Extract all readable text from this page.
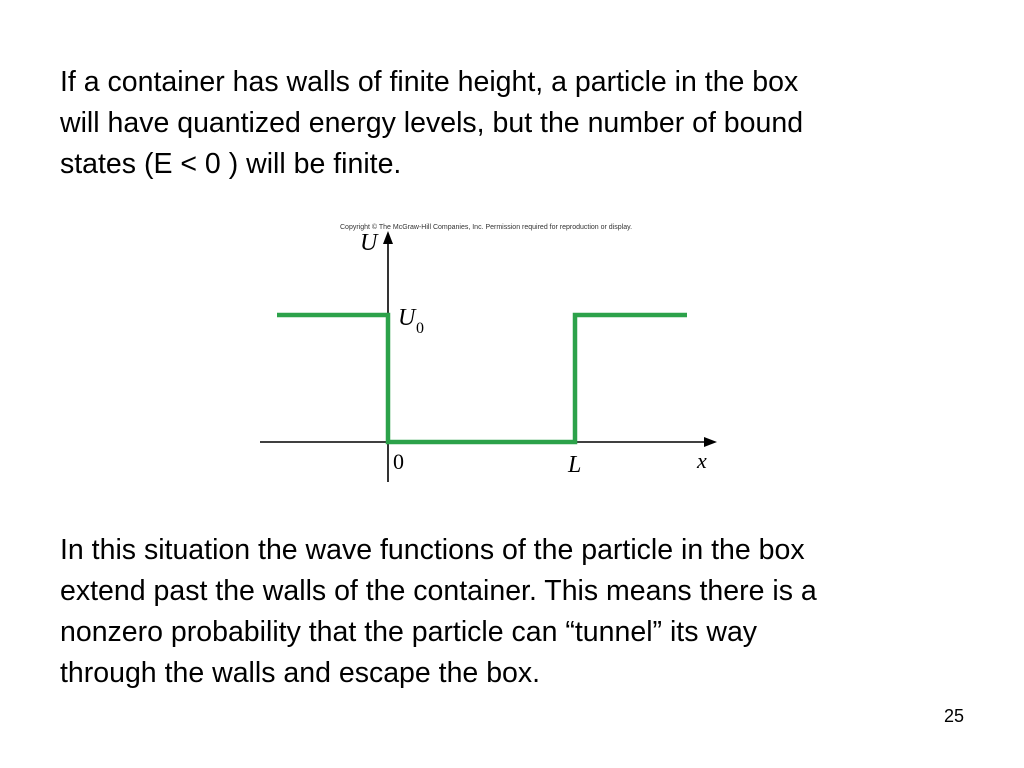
If a container has walls of finite height, a particle in the box
will have quantized energy levels, but the number of bound
states (E < 0 ) will be finite.
Copyright © The McGraw-Hill Companies, Inc. Permission required for reproduction or display.
U
U 0
0	L	x
In this situation the wave functions of the particle in the box
extend past the walls of the container. This means there is a
nonzero probability that the particle can “tunnel” its way
through the walls and escape the box.
25
